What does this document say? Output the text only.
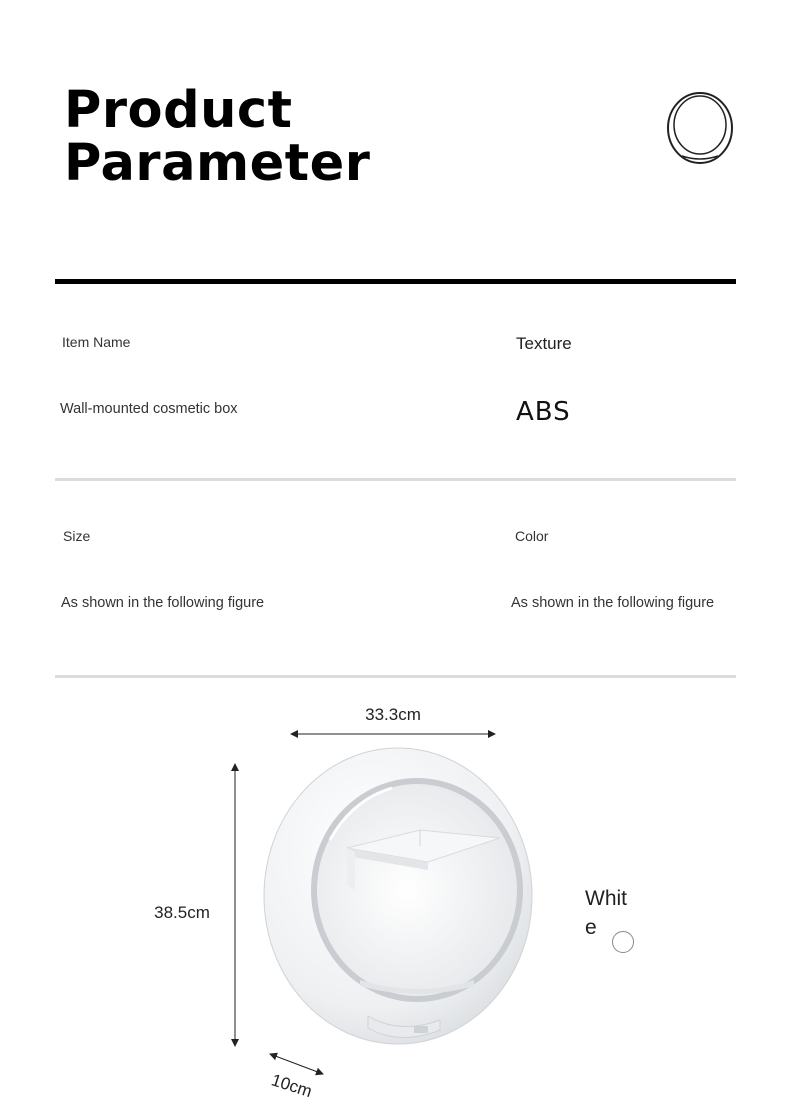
Product
Parameter
Item Name	Texture
Wall-mounted cosmetic box	ABS
Size	Color
As shown in the following figure	As shown in the following figure
33.3cm
38.5cm
10cm
White
